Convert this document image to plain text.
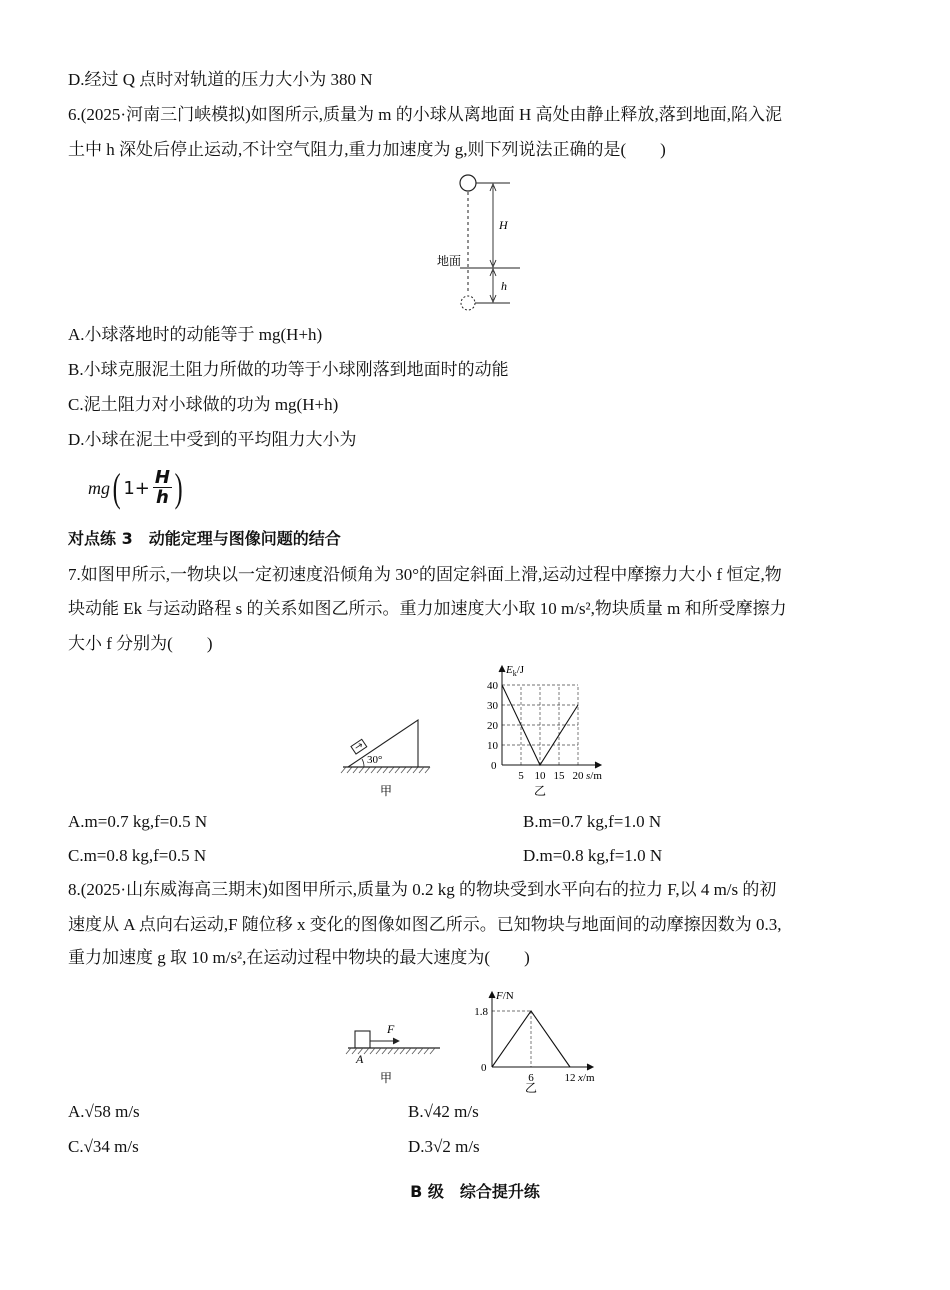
D.经过 Q 点时对轨道的压力大小为 380 N
6.(2025·河南三门峡模拟)如图所示,质量为 m 的小球从离地面 H 高处由静止释放,落到地面,陷入泥
土中 h 深处后停止运动,不计空气阻力,重力加速度为 g,则下列说法正确的是(　　)
H
地面
h
A.小球落地时的动能等于 mg(H+h)
B.小球克服泥土阻力所做的功等于小球刚落到地面时的动能
C.泥土阻力对小球做的功为 mg(H+h)
D.小球在泥土中受到的平均阻力大小为
mg ( $1+ \frac{H}{h}$ )
对点练 3　动能定理与图像问题的结合
7.如图甲所示,一物块以一定初速度沿倾角为 30°的固定斜面上滑,运动过程中摩擦力大小 f 恒定,物
块动能 Ek 与运动路程 s 的关系如图乙所示。重力加速度大小取 10 m/s²,物块质量 m 和所受摩擦力
大小 f 分别为(　　)
30°
甲
0
10
20
30
40
5 10 15 20 s/m
$E_k/J$
乙
A.m=0.7 kg,f=0.5 N	B.m=0.7 kg,f=1.0 N
C.m=0.8 kg,f=0.5 N	D.m=0.8 kg,f=1.0 N
8.(2025·山东威海高三期末)如图甲所示,质量为 0.2 kg 的物块受到水平向右的拉力 F,以 4 m/s 的初
速度从 A 点向右运动,F 随位移 x 变化的图像如图乙所示。已知物块与地面间的动摩擦因数为 0.3,
重力加速度 g 取 10 m/s²,在运动过程中物块的最大速度为(　　)
F
A
甲
0
1.8
6	12 x/m
F/N
乙
A.√58 m/s	B.√42 m/s
C.√34 m/s	D.3√2 m/s
B 级　综合提升练
